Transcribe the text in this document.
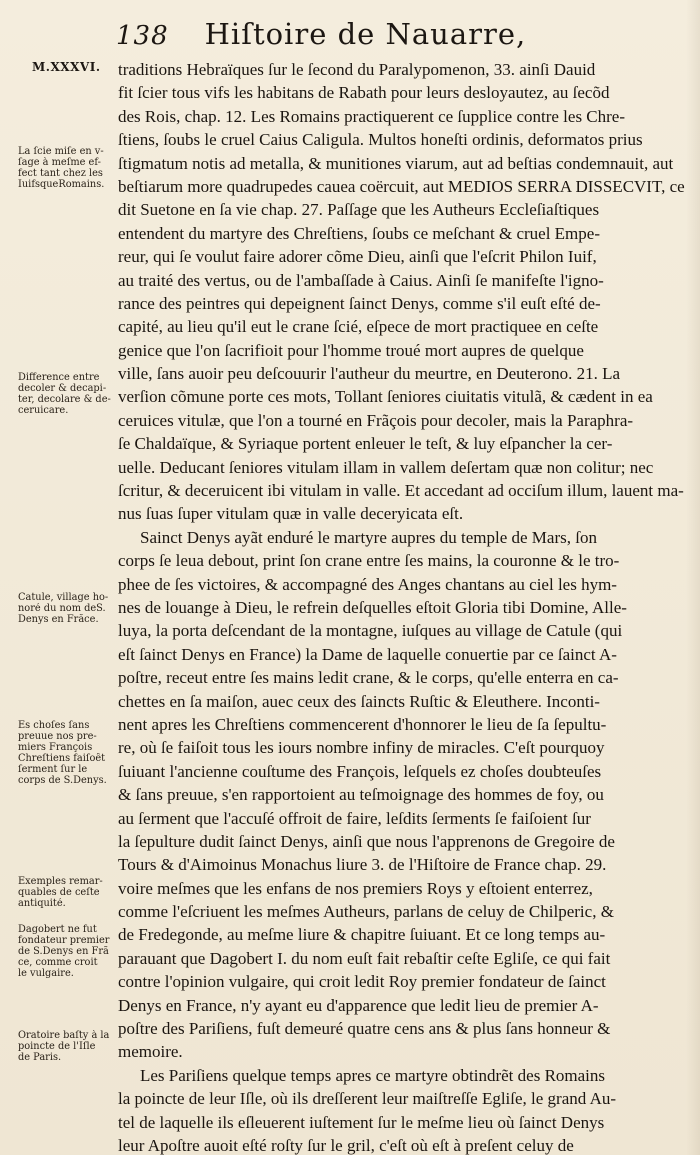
138 Hiſtoire de Nauarre,
M.XXXVI.
La ſcie miſe en v-
ſage à meſme ef-
fect tant chez les
IuifsqueRomains.
Difference entre
decoler & decapi-
ter, decolare & de-
ceruicare.
Catule, village ho-
noré du nom deS.
Denys en Frăce.
Es choſes ſans
preuue nos pre-
miers François
Chreſtiens faiſoêt
ſerment ſur le
corps de S.Denys.
Exemples remar-
quables de ceſte
antiquité.
Dagobert ne fut
fondateur premier
de S.Denys en Frã
ce, comme croit
le vulgaire.
Oratoire baſty à la
poincte de l'Iſle
de Paris.
traditions Hebraïques ſur le ſecond du Paralypomenon, 33. ainſi Dauid
fit ſcier tous vifs les habitans de Rabath pour leurs desloyautez, au ſecõd
des Rois, chap. 12. Les Romains practiquerent ce ſupplice contre les Chre-
ſtiens, ſoubs le cruel Caius Caligula. Multos honeſti ordinis, deformatos prius
ſtigmatum notis ad metalla, & munitiones viarum, aut ad beſtias condemnauit, aut
beſtiarum more quadrupedes cauea coërcuit, aut MEDIOS SERRA DISSECVIT, ce
dit Suetone en ſa vie chap. 27. Paſſage que les Autheurs Eccleſiaſtiques
entendent du martyre des Chreſtiens, ſoubs ce meſchant & cruel Empe-
reur, qui ſe voulut faire adorer cõme Dieu, ainſi que l'eſcrit Philon Iuif,
au traité des vertus, ou de l'ambaſſade à Caius. Ainſi ſe manifeſte l'igno-
rance des peintres qui depeignent ſainct Denys, comme s'il euſt eſté de-
capité, au lieu qu'il eut le crane ſcié, eſpece de mort practiquee en ceſte
genice que l'on ſacrifioit pour l'homme troué mort aupres de quelque
ville, ſans auoir peu deſcouurir l'autheur du meurtre, en Deuterono. 21. La
verſion cõmune porte ces mots, Tollant ſeniores ciuitatis vitulã, & cædent in ea
ceruices vitulæ, que l'on a tourné en Frãçois pour decoler, mais la Paraphra-
ſe Chaldaïque, & Syriaque portent enleuer le teſt, & luy eſpancher la cer-
uelle. Deducant ſeniores vitulam illam in vallem deſertam quæ non colitur; nec
ſcritur, & deceruicent ibi vitulam in valle. Et accedant ad occiſum illum, lauent ma-
nus ſuas ſuper vitulam quæ in valle decerуicata eſt.
Sainct Denys ayãt enduré le martyre aupres du temple de Mars, ſon
corps ſe leua debout, print ſon crane entre ſes mains, la couronne & le tro-
phee de ſes victoires, & accompagné des Anges chantans au ciel les hym-
nes de louange à Dieu, le refrein deſquelles eſtoit Gloria tibi Domine, Alle-
luya, la porta deſcendant de la montagne, iuſques au village de Catule (qui
eſt ſainct Denys en France) la Dame de laquelle conuertie par ce ſainct A-
poſtre, receut entre ſes mains ledit crane, & le corps, qu'elle enterra en ca-
chettes en ſa maiſon, auec ceux des ſaincts Ruſtic & Eleuthere. Inconti-
nent apres les Chreſtiens commencerent d'honnorer le lieu de ſa ſepultu-
re, où ſe faiſoit tous les iours nombre infiny de miracles. C'eſt pourquoy
ſuiuant l'ancienne couſtume des François, leſquels ez choſes doubteuſes
& ſans preuue, s'en rapportoient au teſmoignage des hommes de foy, ou
au ſerment que l'accuſé offroit de faire, leſdits ſerments ſe faiſoient ſur
la ſepulture dudit ſainct Denys, ainſi que nous l'apprenons de Gregoire de
Tours & d'Aimoinus Monachus liure 3. de l'Hiſtoire de France chap. 29.
voire meſmes que les enfans de nos premiers Roys y eſtoient enterrez,
comme l'eſcriuent les meſmes Autheurs, parlans de celuy de Chilperic, &
de Fredegonde, au meſme liure & chapitre ſuiuant. Et ce long temps au-
parauant que Dagobert I. du nom euſt fait rebaſtir ceſte Egliſe, ce qui fait
contre l'opinion vulgaire, qui croit ledit Roy premier fondateur de ſainct
Denys en France, n'y ayant eu d'apparence que ledit lieu de premier A-
poſtre des Pariſiens, fuſt demeuré quatre cens ans & plus ſans honneur &
memoire.
Les Pariſiens quelque temps apres ce martyre obtindrẽt des Romains
la poincte de leur Iſle, où ils dreſſerent leur maiſtreſſe Egliſe, le grand Au-
tel de laquelle ils eſleuerent iuſtement ſur le meſme lieu où ſainct Denys
leur Apoſtre auoit eſté roſty ſur le gril, c'eſt où eſt à preſent celuy de
